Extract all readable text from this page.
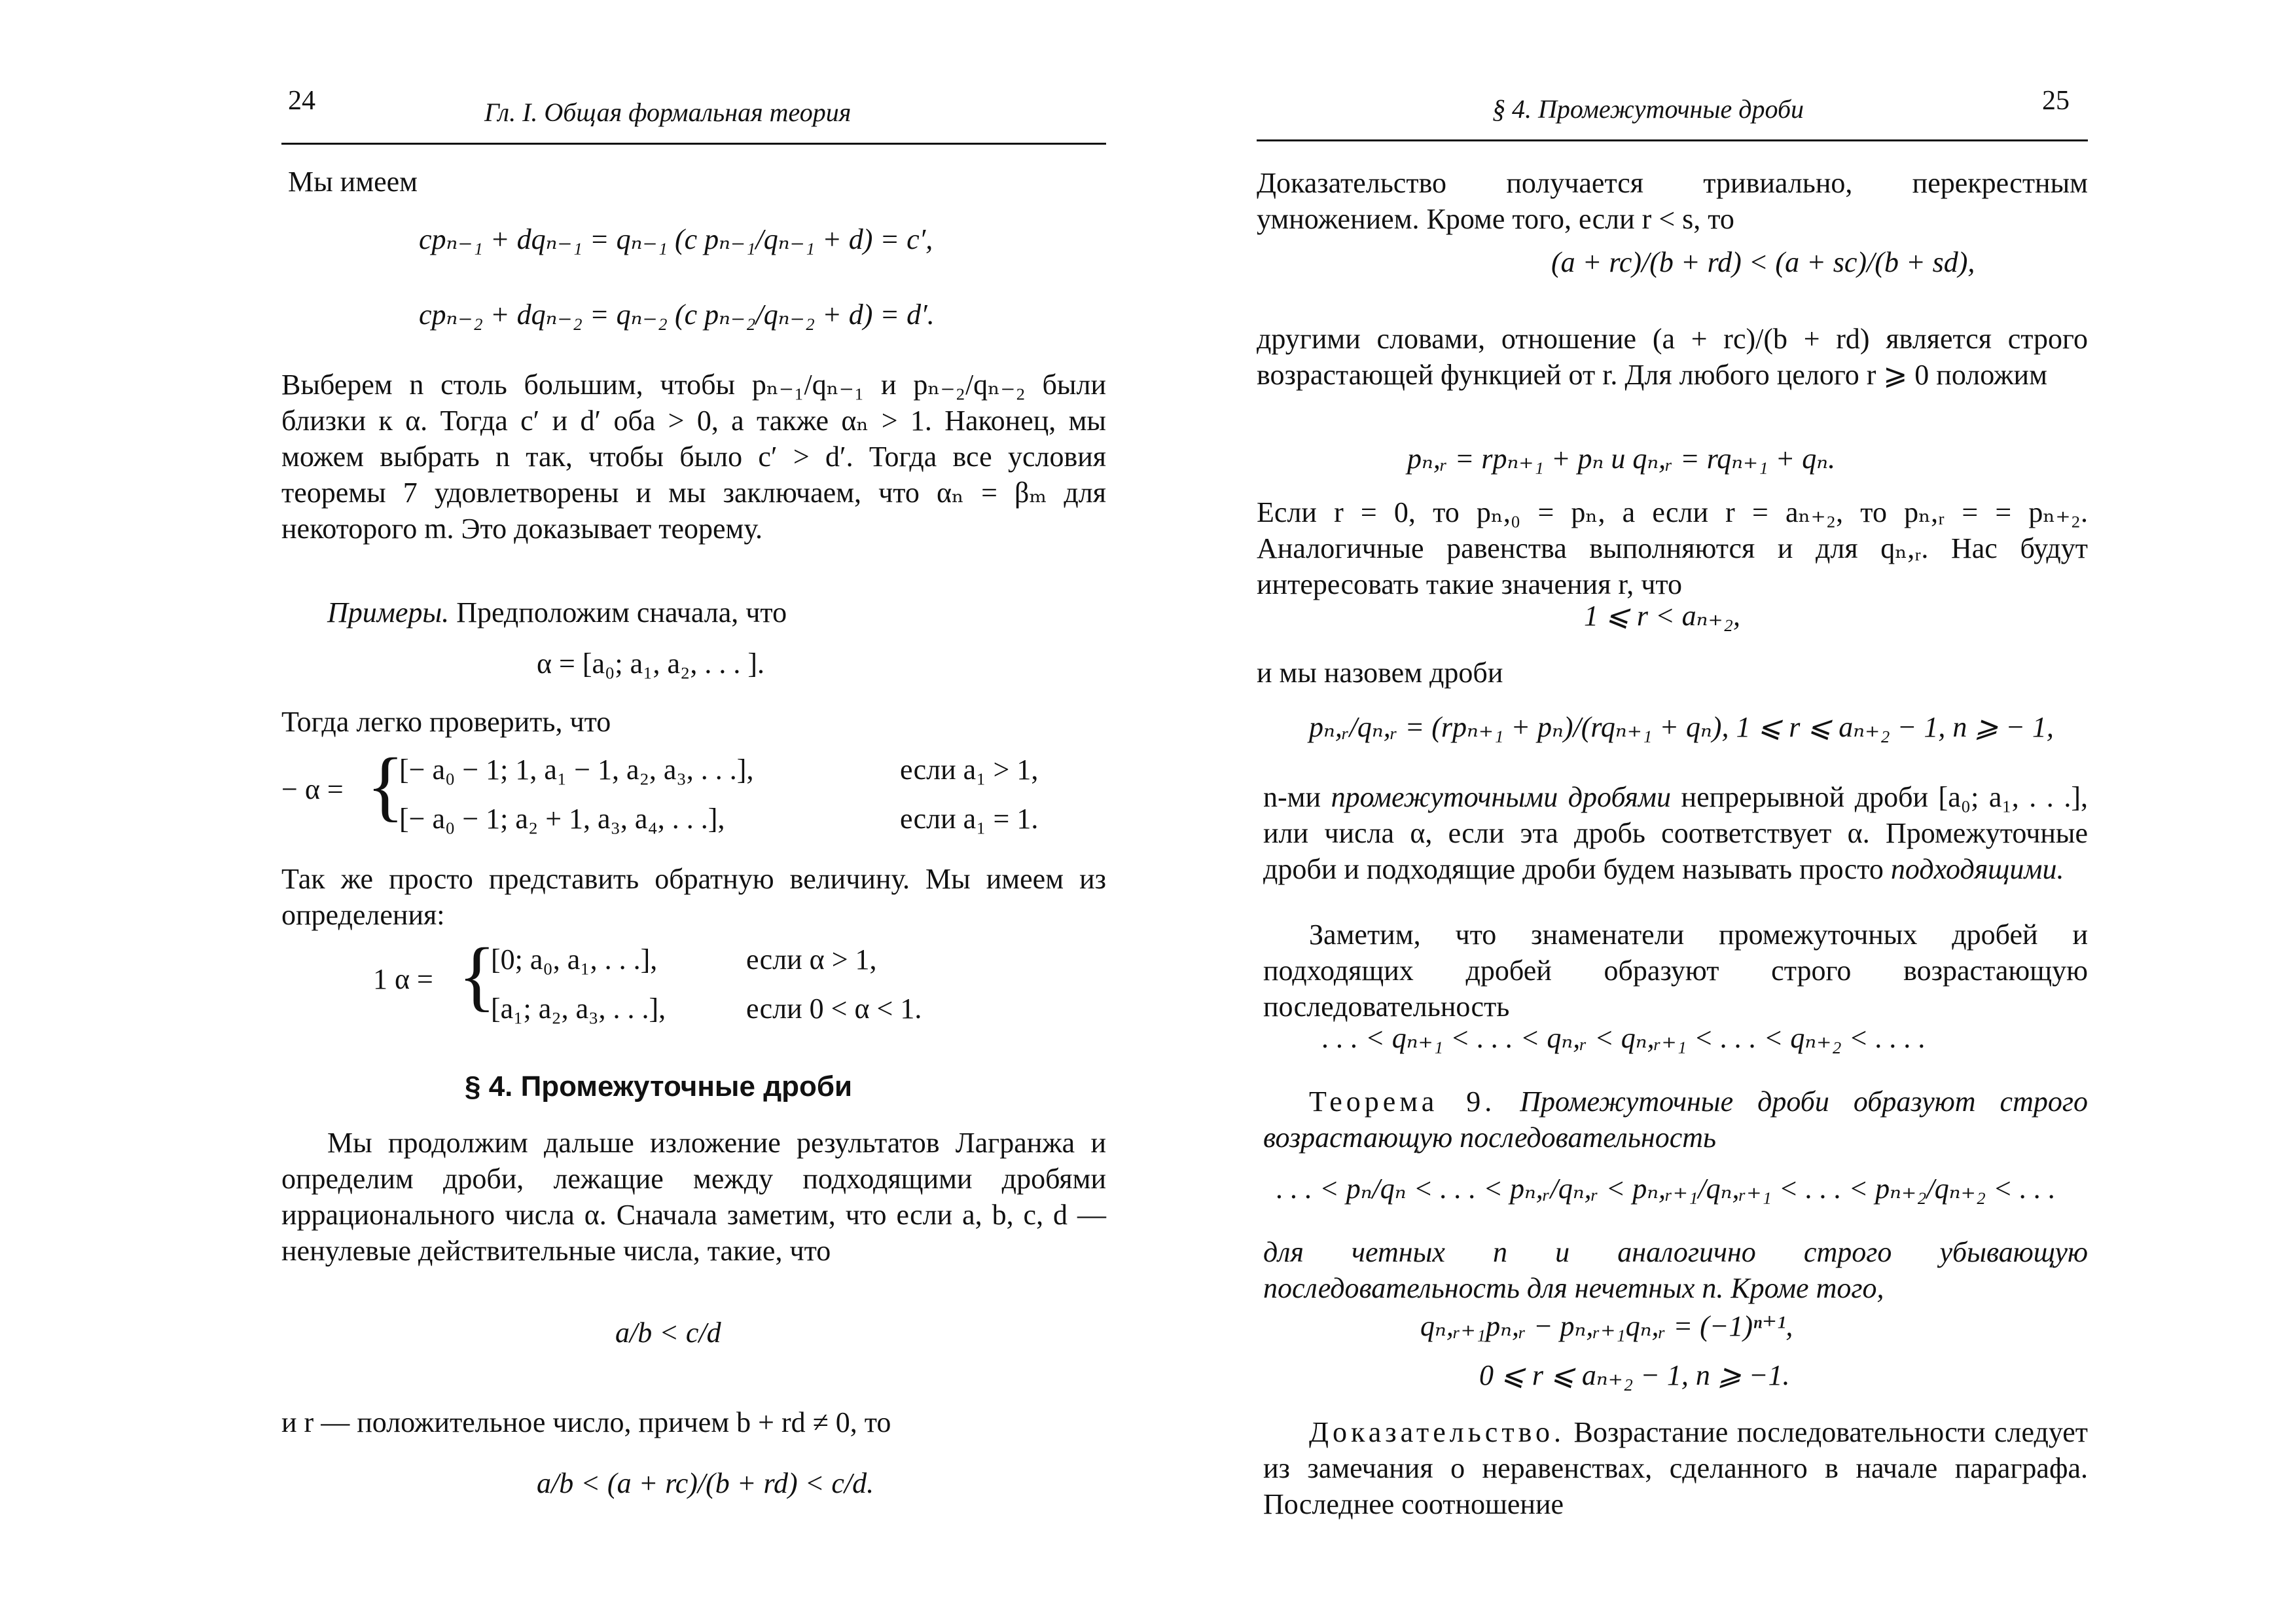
24	Гл. I. Общая формальная теория
Мы имеем
cpₙ₋₁ + dqₙ₋₁ = qₙ₋₁ (c pₙ₋₁/qₙ₋₁ + d) = c′,
cpₙ₋₂ + dqₙ₋₂ = qₙ₋₂ (c pₙ₋₂/qₙ₋₂ + d) = d′.
Выберем n столь большим, чтобы pₙ₋₁/qₙ₋₁ и pₙ₋₂/qₙ₋₂ были близки к α. Тогда c′ и d′ оба > 0, а также αₙ > 1. Наконец, мы можем выбрать n так, чтобы было c′ > d′. Тогда все условия теоремы 7 удовлетворены и мы заключаем, что αₙ = βₘ для некоторого m. Это доказывает теорему.
Примеры. Предположим сначала, что
α = [a₀; a₁, a₂, . . . ].
Тогда легко проверить, что
− α = {
[− a₀ − 1; 1, a₁ − 1, a₂, a₃, . . .],	если a₁ > 1,
[− a₀ − 1; a₂ + 1, a₃, a₄, . . .],	если a₁ = 1.
Так же просто представить обратную величину. Мы имеем из определения:
1 α = {
[0; a₀, a₁, . . .],	если α > 1,
[a₁; a₂, a₃, . . .],	если 0 < α < 1.
§ 4. Промежуточные дроби
Мы продолжим дальше изложение результатов Лагранжа и определим дроби, лежащие между подходящими дробями иррационального числа α. Сначала заметим, что если a, b, c, d — ненулевые действительные числа, такие, что
a/b < c/d
и r — положительное число, причем b + rd ≠ 0, то
a/b < (a + rc)/(b + rd) < c/d.
§ 4. Промежуточные дроби	25
Доказательство получается тривиально, перекрестным умножением. Кроме того, если r < s, то
(a + rc)/(b + rd) < (a + sc)/(b + sd),
другими словами, отношение (a + rc)/(b + rd) является строго возрастающей функцией от r. Для любого целого r ⩾ 0 положим
pₙ,ᵣ = rpₙ₊₁ + pₙ и qₙ,ᵣ = rqₙ₊₁ + qₙ.
Если r = 0, то pₙ,₀ = pₙ, а если r = aₙ₊₂, то pₙ,ᵣ = = pₙ₊₂. Аналогичные равенства выполняются и для qₙ,ᵣ. Нас будут интересовать такие значения r, что
1 ⩽ r < aₙ₊₂,
и мы назовем дроби
pₙ,ᵣ/qₙ,ᵣ = (rpₙ₊₁ + pₙ)/(rqₙ₊₁ + qₙ), 1 ⩽ r ⩽ aₙ₊₂ − 1, n ⩾ − 1,
n-ми промежуточными дробями непрерывной дроби [a₀; a₁, . . .], или числа α, если эта дробь соответствует α. Промежуточные дроби и подходящие дроби будем называть просто подходящими.
Заметим, что знаменатели промежуточных дробей и подходящих дробей образуют строго возрастающую последовательность
. . . < qₙ₊₁ < . . . < qₙ,ᵣ < qₙ,ᵣ₊₁ < . . . < qₙ₊₂ < . . . .
Теорема 9. Промежуточные дроби образуют строго возрастающую последовательность
. . . < pₙ/qₙ < . . . < pₙ,ᵣ/qₙ,ᵣ < pₙ,ᵣ₊₁/qₙ,ᵣ₊₁ < . . . < pₙ₊₂/qₙ₊₂ < . . .
для четных n и аналогично строго убывающую последовательность для нечетных n. Кроме того,
qₙ,ᵣ₊₁pₙ,ᵣ − pₙ,ᵣ₊₁qₙ,ᵣ = (−1)ⁿ⁺¹,
0 ⩽ r ⩽ aₙ₊₂ − 1, n ⩾ −1.
Доказательство. Возрастание последовательности следует из замечания о неравенствах, сделанного в начале параграфа. Последнее соотношение
